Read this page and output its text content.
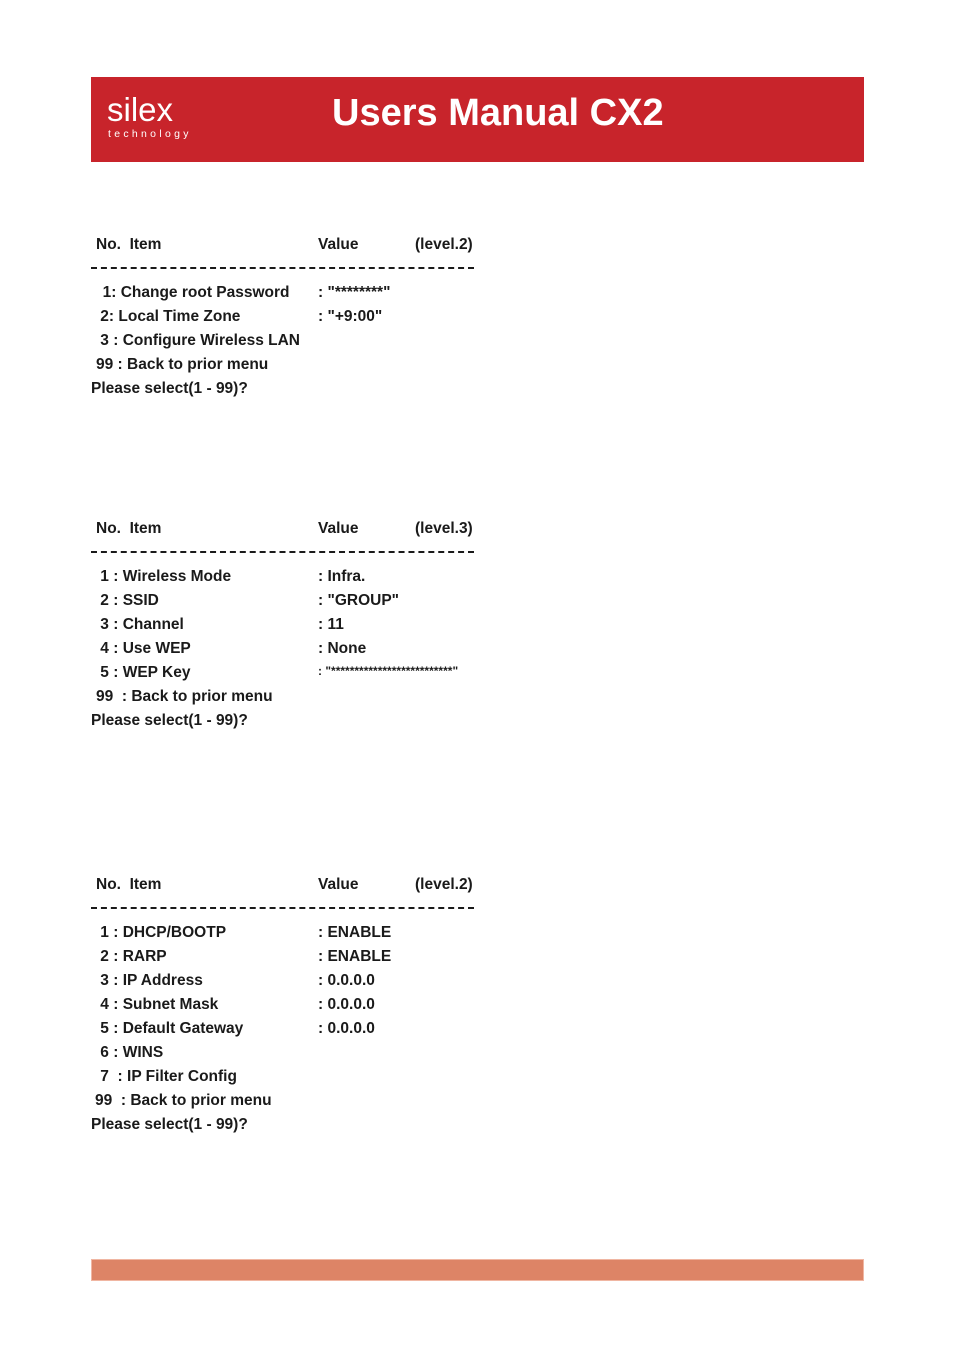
silex
technology	Users Manual CX2
No.  Item	Value	(level.2)
1: Change root Password : "********"
2: Local Time Zone	: "+9:00"
3 : Configure Wireless LAN
99 : Back to prior menu
Please select(1 - 99)?
No.  Item	Value	(level.3)
1 : Wireless Mode	: Infra.
2 : SSID	: "GROUP"
3 : Channel	: 11
4 : Use WEP	: None
5 : WEP Key	: "**************************"
99  : Back to prior menu
Please select(1 - 99)?
No.  Item	Value	(level.2)
1 : DHCP/BOOTP	: ENABLE
2 : RARP	: ENABLE
3 : IP Address	: 0.0.0.0
4 : Subnet Mask	: 0.0.0.0
5 : Default Gateway	: 0.0.0.0
6 : WINS
7  : IP Filter Config
99  : Back to prior menu
Please select(1 - 99)?
